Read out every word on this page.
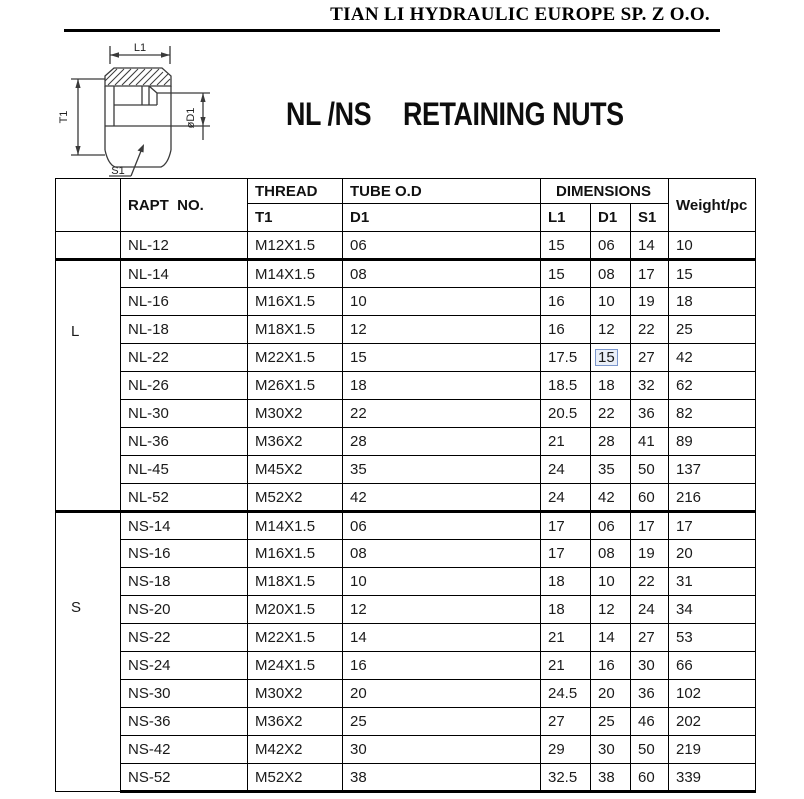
TIAN LI HYDRAULIC EUROPE SP. Z O.O.
L1
T1	øD1
S1
NL /NS RETAINING NUTS
	RAPT  NO.	THREAD	TUBE O.D	DIMENSIONS			Weight/pc
		T1	D1	L1	D1	S1	
	NL-12	M12X1.5	06	15	06	14	10
L	NL-14	M14X1.5	08	15	08	17	15
	NL-16	M16X1.5	10	16	10	19	18
	NL-18	M18X1.5	12	16	12	22	25
	NL-22	M22X1.5	15	17.5	15	27	42
	NL-26	M26X1.5	18	18.5	18	32	62
	NL-30	M30X2	22	20.5	22	36	82
	NL-36	M36X2	28	21	28	41	89
	NL-45	M45X2	35	24	35	50	137
	NL-52	M52X2	42	24	42	60	216
S	NS-14	M14X1.5	06	17	06	17	17
	NS-16	M16X1.5	08	17	08	19	20
	NS-18	M18X1.5	10	18	10	22	31
	NS-20	M20X1.5	12	18	12	24	34
	NS-22	M22X1.5	14	21	14	27	53
	NS-24	M24X1.5	16	21	16	30	66
	NS-30	M30X2	20	24.5	20	36	102
	NS-36	M36X2	25	27	25	46	202
	NS-42	M42X2	30	29	30	50	219
	NS-52	M52X2	38	32.5	38	60	339
